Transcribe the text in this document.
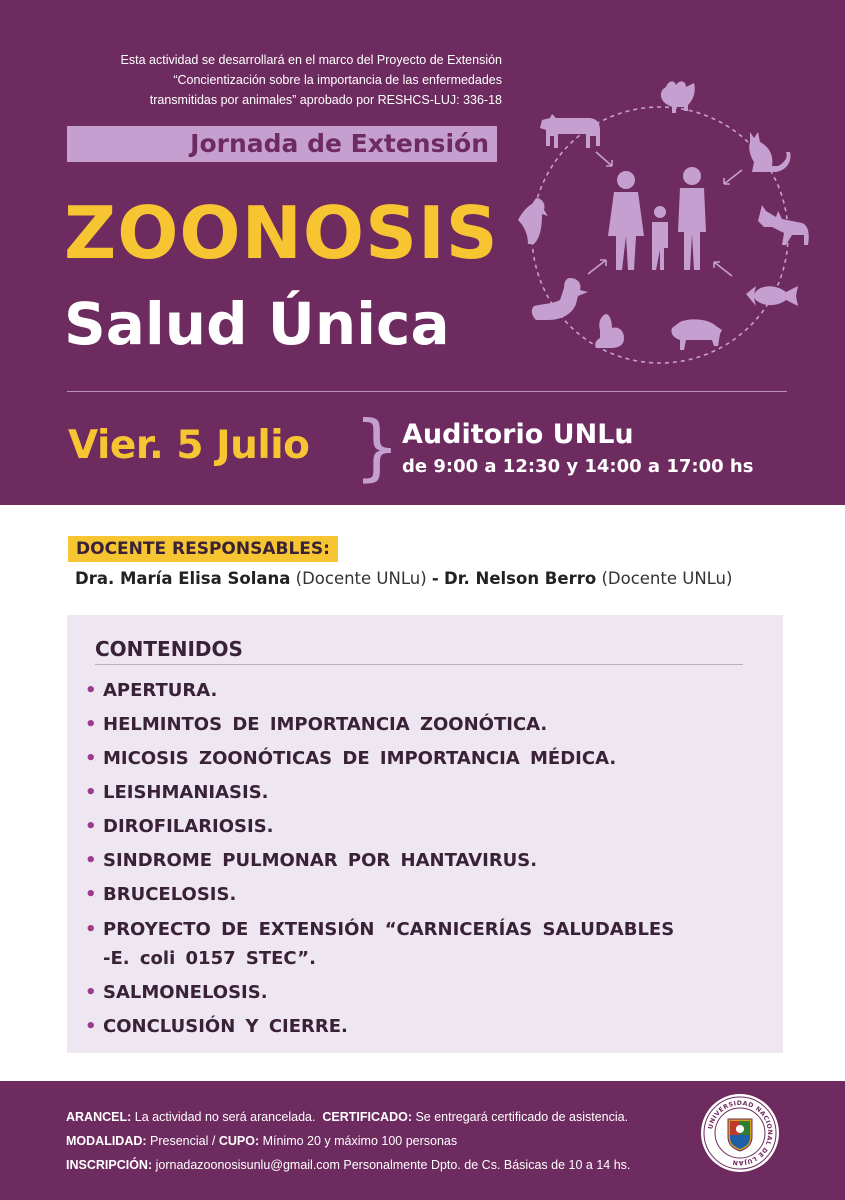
Esta actividad se desarrollará en el marco del Proyecto de Extensión
“Concientización sobre la importancia de las enfermedades
transmitidas por animales” aprobado por RESHCS-LUJ: 336-18
Jornada de Extensión
ZOONOSIS
Salud Única
Vier. 5 Julio } Auditorio UNLu
de 9:00 a 12:30 y 14:00 a 17:00 hs
DOCENTE RESPONSABLES:
Dra. María Elisa Solana (Docente UNLu) - Dr. Nelson Berro (Docente UNLu)
CONTENIDOS
• APERTURA.
• HELMINTOS DE IMPORTANCIA ZOONÓTICA.
• MICOSIS ZOONÓTICAS DE IMPORTANCIA MÉDICA.
• LEISHMANIASIS.
• DIROFILARIOSIS.
• SINDROME PULMONAR POR HANTAVIRUS.
• BRUCELOSIS.
• PROYECTO DE EXTENSIÓN “CARNICERÍAS SALUDABLES
-E. coli 0157 STEC”.
• SALMONELOSIS.
• CONCLUSIÓN Y CIERRE.
ARANCEL: La actividad no será arancelada. CERTIFICADO: Se entregará certificado de asistencia.
MODALIDAD: Presencial / CUPO: Mínimo 20 y máximo 100 personas
INSCRIPCIÓN: jornadazoonosisunlu@gmail.com Personalmente Dpto. de Cs. Básicas de 10 a 14 hs.
UNIVERSIDAD NACIONAL DE LUJAN
